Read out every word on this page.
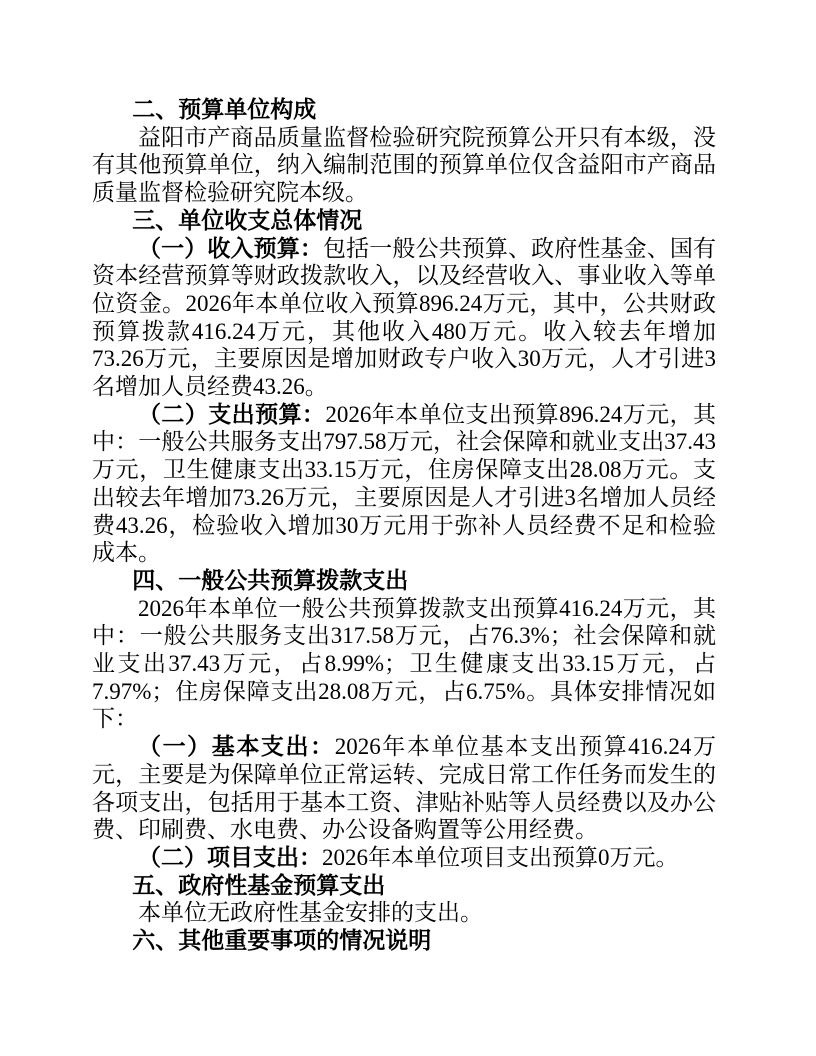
二、预算单位构成

益阳市产商品质量监督检验研究院预算公开只有本级，没有其他预算单位，纳入编制范围的预算单位仅含益阳市产商品质量监督检验研究院本级。

三、单位收支总体情况

（一）收入预算：包括一般公共预算、政府性基金、国有资本经营预算等财政拨款收入，以及经营收入、事业收入等单位资金。2026年本单位收入预算896.24万元，其中，公共财政预算拨款416.24万元，其他收入480万元。收入较去年增加73.26万元，主要原因是增加财政专户收入30万元，人才引进3名增加人员经费43.26。

（二）支出预算：2026年本单位支出预算896.24万元，其中：一般公共服务支出797.58万元，社会保障和就业支出37.43万元，卫生健康支出33.15万元，住房保障支出28.08万元。支出较去年增加73.26万元，主要原因是人才引进3名增加人员经费43.26，检验收入增加30万元用于弥补人员经费不足和检验成本。

四、一般公共预算拨款支出

2026年本单位一般公共预算拨款支出预算416.24万元，其中：一般公共服务支出317.58万元，占76.3%；社会保障和就业支出37.43万元，占8.99%；卫生健康支出33.15万元，占7.97%；住房保障支出28.08万元，占6.75%。具体安排情况如下：

（一）基本支出：2026年本单位基本支出预算416.24万元，主要是为保障单位正常运转、完成日常工作任务而发生的各项支出，包括用于基本工资、津贴补贴等人员经费以及办公费、印刷费、水电费、办公设备购置等公用经费。

（二）项目支出：2026年本单位项目支出预算0万元。

五、政府性基金预算支出

本单位无政府性基金安排的支出。

六、其他重要事项的情况说明
